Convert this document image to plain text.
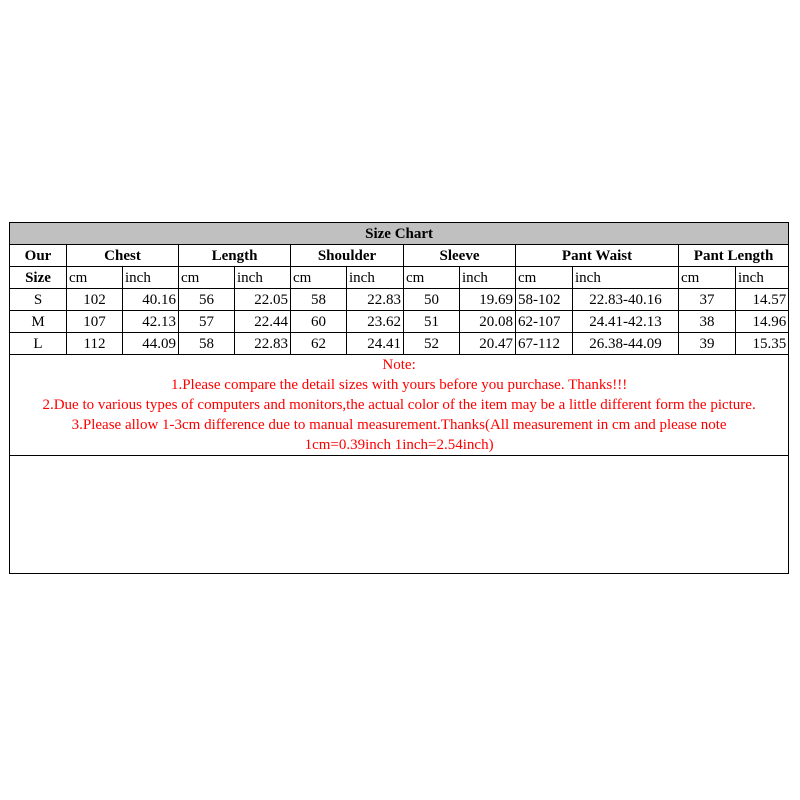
Size Chart												
Our	Chest		Length		Shoulder		Sleeve		Pant Waist		Pant Length	
Size	cm	inch	cm	inch	cm	inch	cm	inch	cm	inch	cm	inch
S	102	40.16	56	22.05	58	22.83	50	19.69	58-102	22.83-40.16	37	14.57
M	107	42.13	57	22.44	60	23.62	51	20.08	62-107	24.41-42.13	38	14.96
L	112	44.09	58	22.83	62	24.41	52	20.47	67-112	26.38-44.09	39	15.35

Note:
1.Please compare the detail sizes with yours before you purchase. Thanks!!!
2.Due to various types of computers and monitors,the actual color of the item may be a little different form the picture.
3.Please allow 1-3cm difference due to manual measurement.Thanks(All measurement in cm and please note
1cm=0.39inch 1inch=2.54inch)												
